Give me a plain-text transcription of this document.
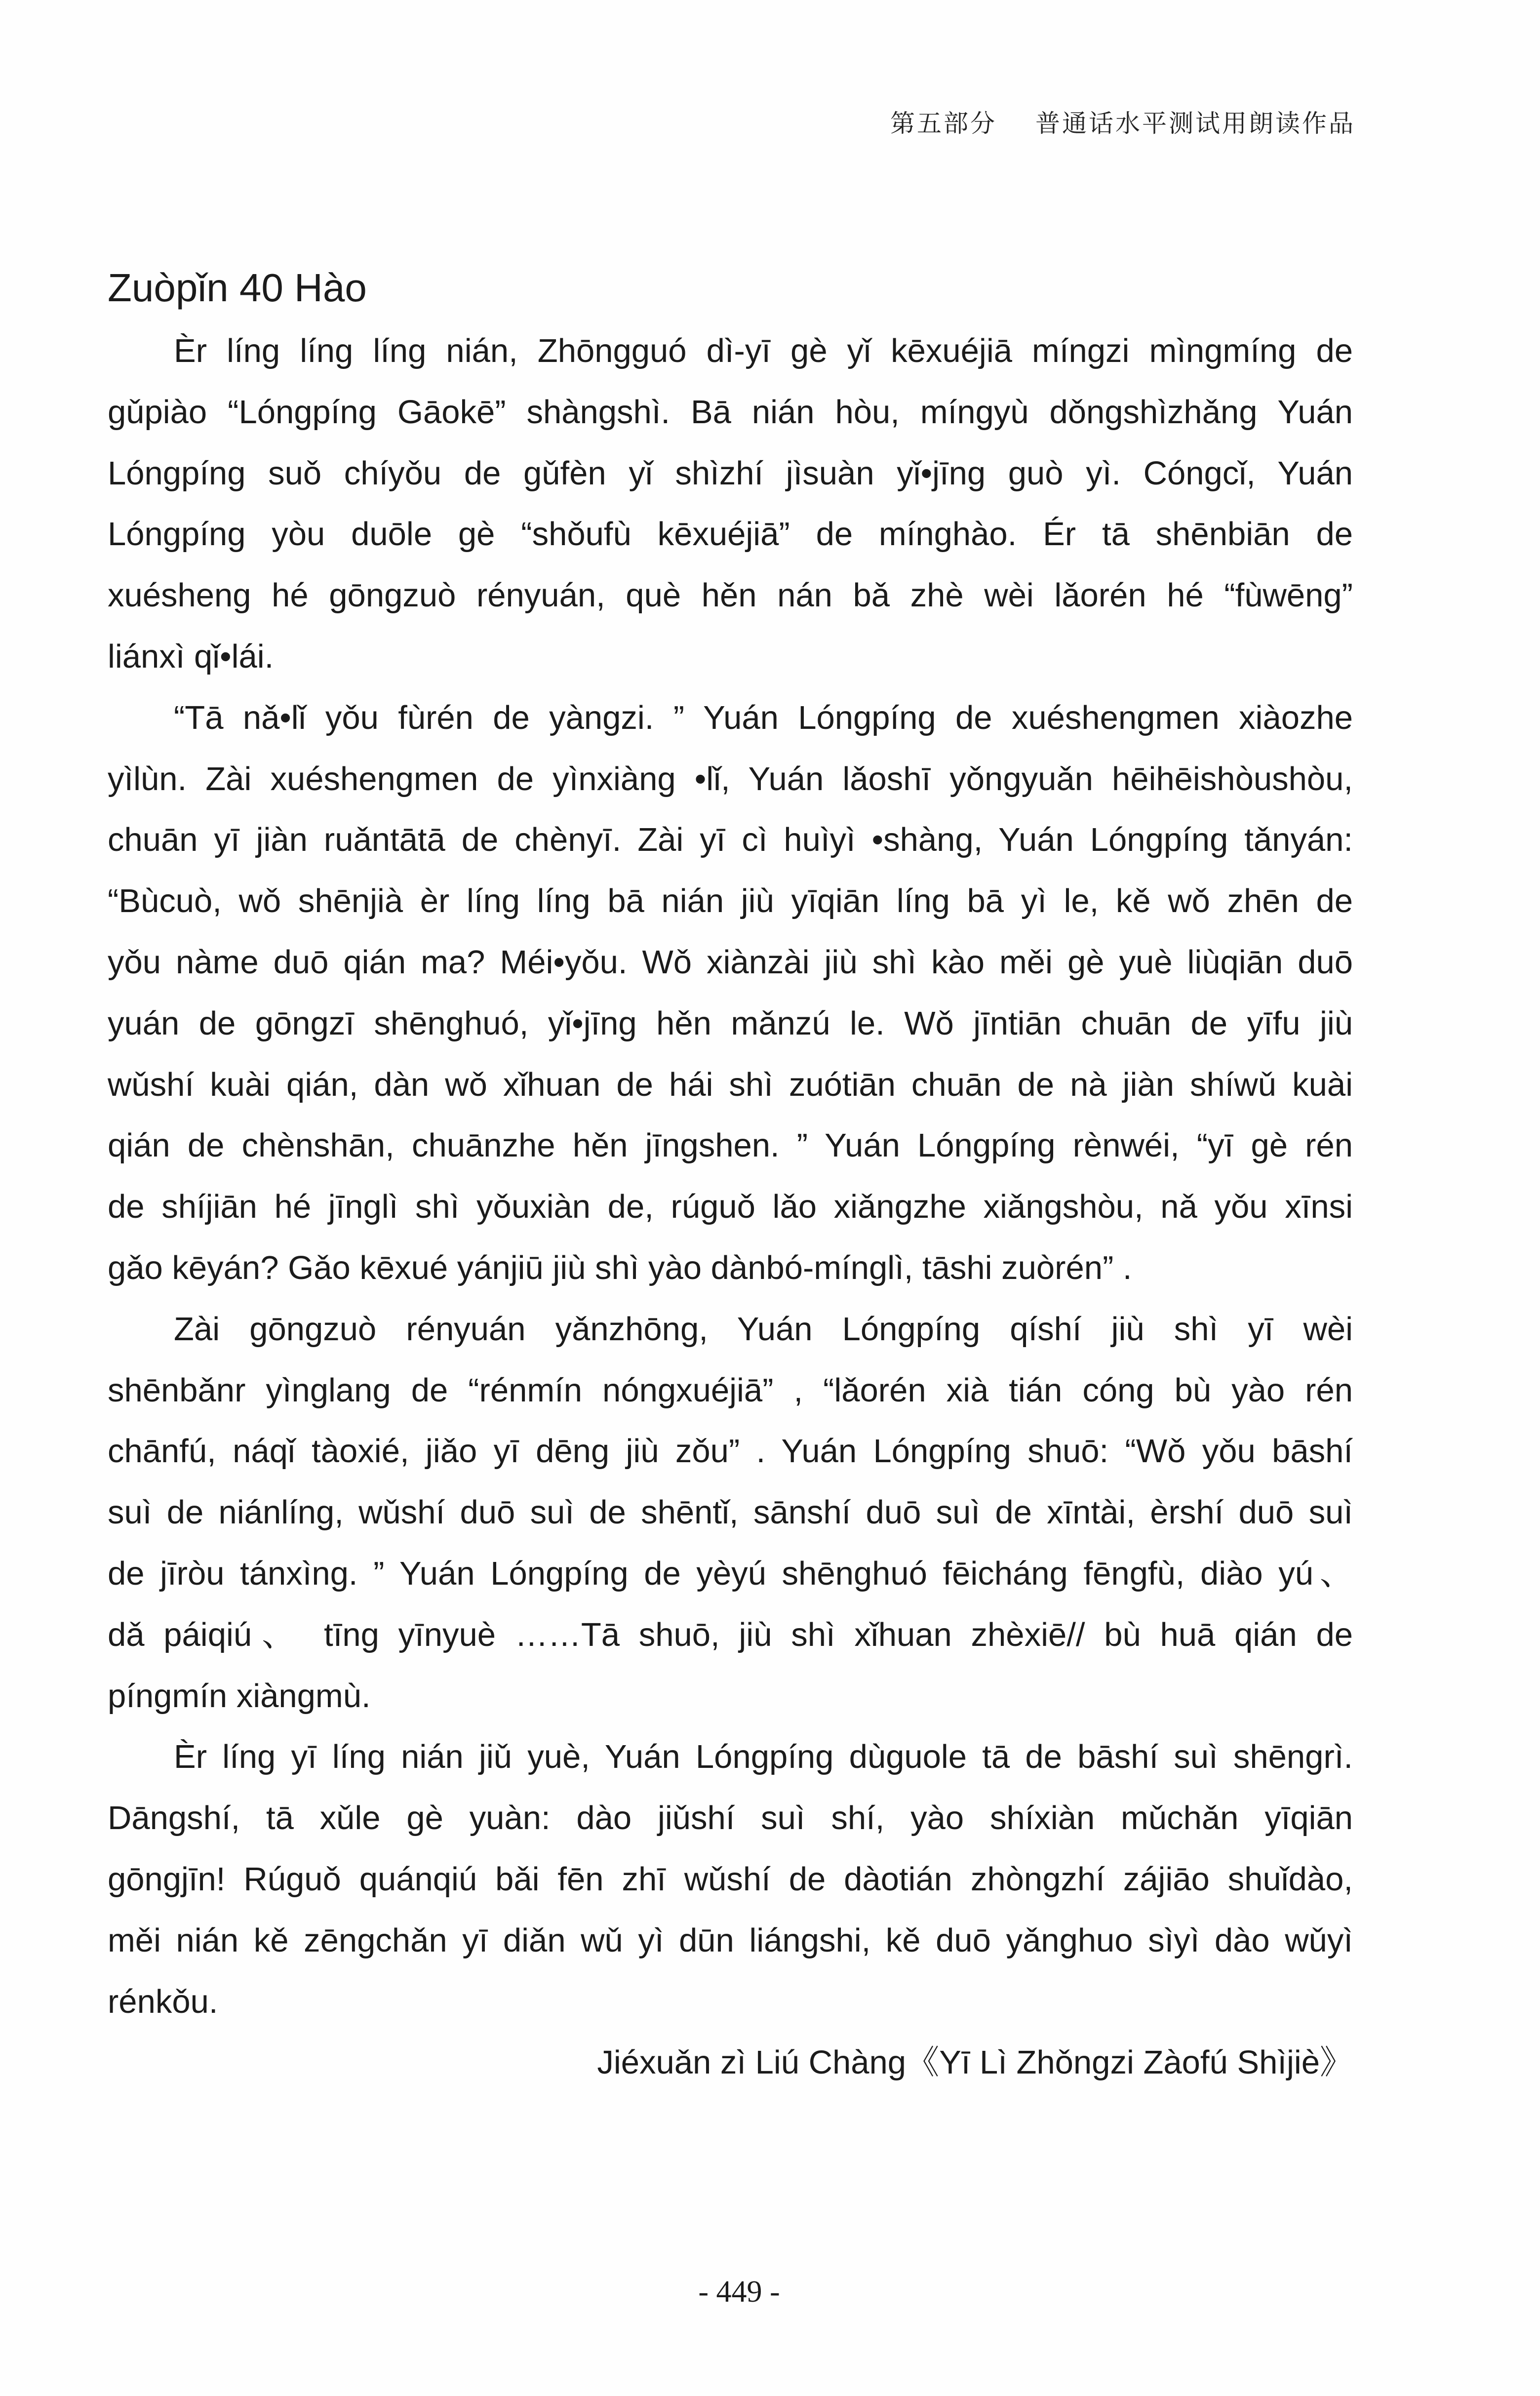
第五部分 普通话水平测试用朗读作品
Zuòpǐn 40 Hào
Èr líng líng líng nián, Zhōngguó dì-yī gè yǐ kēxuéjiā míngzi mìngmíng de
gǔpiào “Lóngpíng Gāokē” shàngshì. Bā nián hòu, míngyù dǒngshìzhǎng Yuán
Lóngpíng suǒ chíyǒu de gǔfèn yǐ shìzhí jìsuàn yǐ•jīng guò yì. Cóngcǐ, Yuán
Lóngpíng yòu duōle gè “shǒufù kēxuéjiā” de mínghào. Ér tā shēnbiān de
xuésheng hé gōngzuò rényuán, què hěn nán bǎ zhè wèi lǎorén hé “fùwēng”
liánxì qǐ•lái.
“Tā nǎ•lǐ yǒu fùrén de yàngzi. ” Yuán Lóngpíng de xuéshengmen xiàozhe
yìlùn. Zài xuéshengmen de yìnxiàng •lǐ, Yuán lǎoshī yǒngyuǎn hēihēishòushòu,
chuān yī jiàn ruǎntātā de chènyī. Zài yī cì huìyì •shàng, Yuán Lóngpíng tǎnyán:
“Bùcuò, wǒ shēnjià èr líng líng bā nián jiù yīqiān líng bā yì le, kě wǒ zhēn de
yǒu nàme duō qián ma? Méi•yǒu. Wǒ xiànzài jiù shì kào měi gè yuè liùqiān duō
yuán de gōngzī shēnghuó, yǐ•jīng hěn mǎnzú le. Wǒ jīntiān chuān de yīfu jiù
wǔshí kuài qián, dàn wǒ xǐhuan de hái shì zuótiān chuān de nà jiàn shíwǔ kuài
qián de chènshān, chuānzhe hěn jīngshen. ” Yuán Lóngpíng rènwéi, “yī gè rén
de shíjiān hé jīnglì shì yǒuxiàn de, rúguǒ lǎo xiǎngzhe xiǎngshòu, nǎ yǒu xīnsi
gǎo kēyán? Gǎo kēxué yánjiū jiù shì yào dànbó-mínglì, tāshi zuòrén” .
Zài gōngzuò rényuán yǎnzhōng, Yuán Lóngpíng qíshí jiù shì yī wèi
shēnbǎnr yìnglang de “rénmín nóngxuéjiā” , “lǎorén xià tián cóng bù yào rén
chānfú, náqǐ tàoxié, jiǎo yī dēng jiù zǒu” . Yuán Lóngpíng shuō: “Wǒ yǒu bāshí
suì de niánlíng, wǔshí duō suì de shēntǐ, sānshí duō suì de xīntài, èrshí duō suì
de jīròu tánxìng. ” Yuán Lóngpíng de yèyú shēnghuó fēicháng fēngfù, diào yú、
dǎ páiqiú、 tīng yīnyuè ……Tā shuō, jiù shì xǐhuan zhèxiē// bù huā qián de
píngmín xiàngmù.
Èr líng yī líng nián jiǔ yuè, Yuán Lóngpíng dùguole tā de bāshí suì shēngrì.
Dāngshí, tā xǔle gè yuàn: dào jiǔshí suì shí, yào shíxiàn mǔchǎn yīqiān
gōngjīn! Rúguǒ quánqiú bǎi fēn zhī wǔshí de dàotián zhòngzhí zájiāo shuǐdào,
měi nián kě zēngchǎn yī diǎn wǔ yì dūn liángshi, kě duō yǎnghuo sìyì dào wǔyì
rénkǒu.
Jiéxuǎn zì Liú Chàng《Yī Lì Zhǒngzi Zàofú Shìjiè》
- 449 -
